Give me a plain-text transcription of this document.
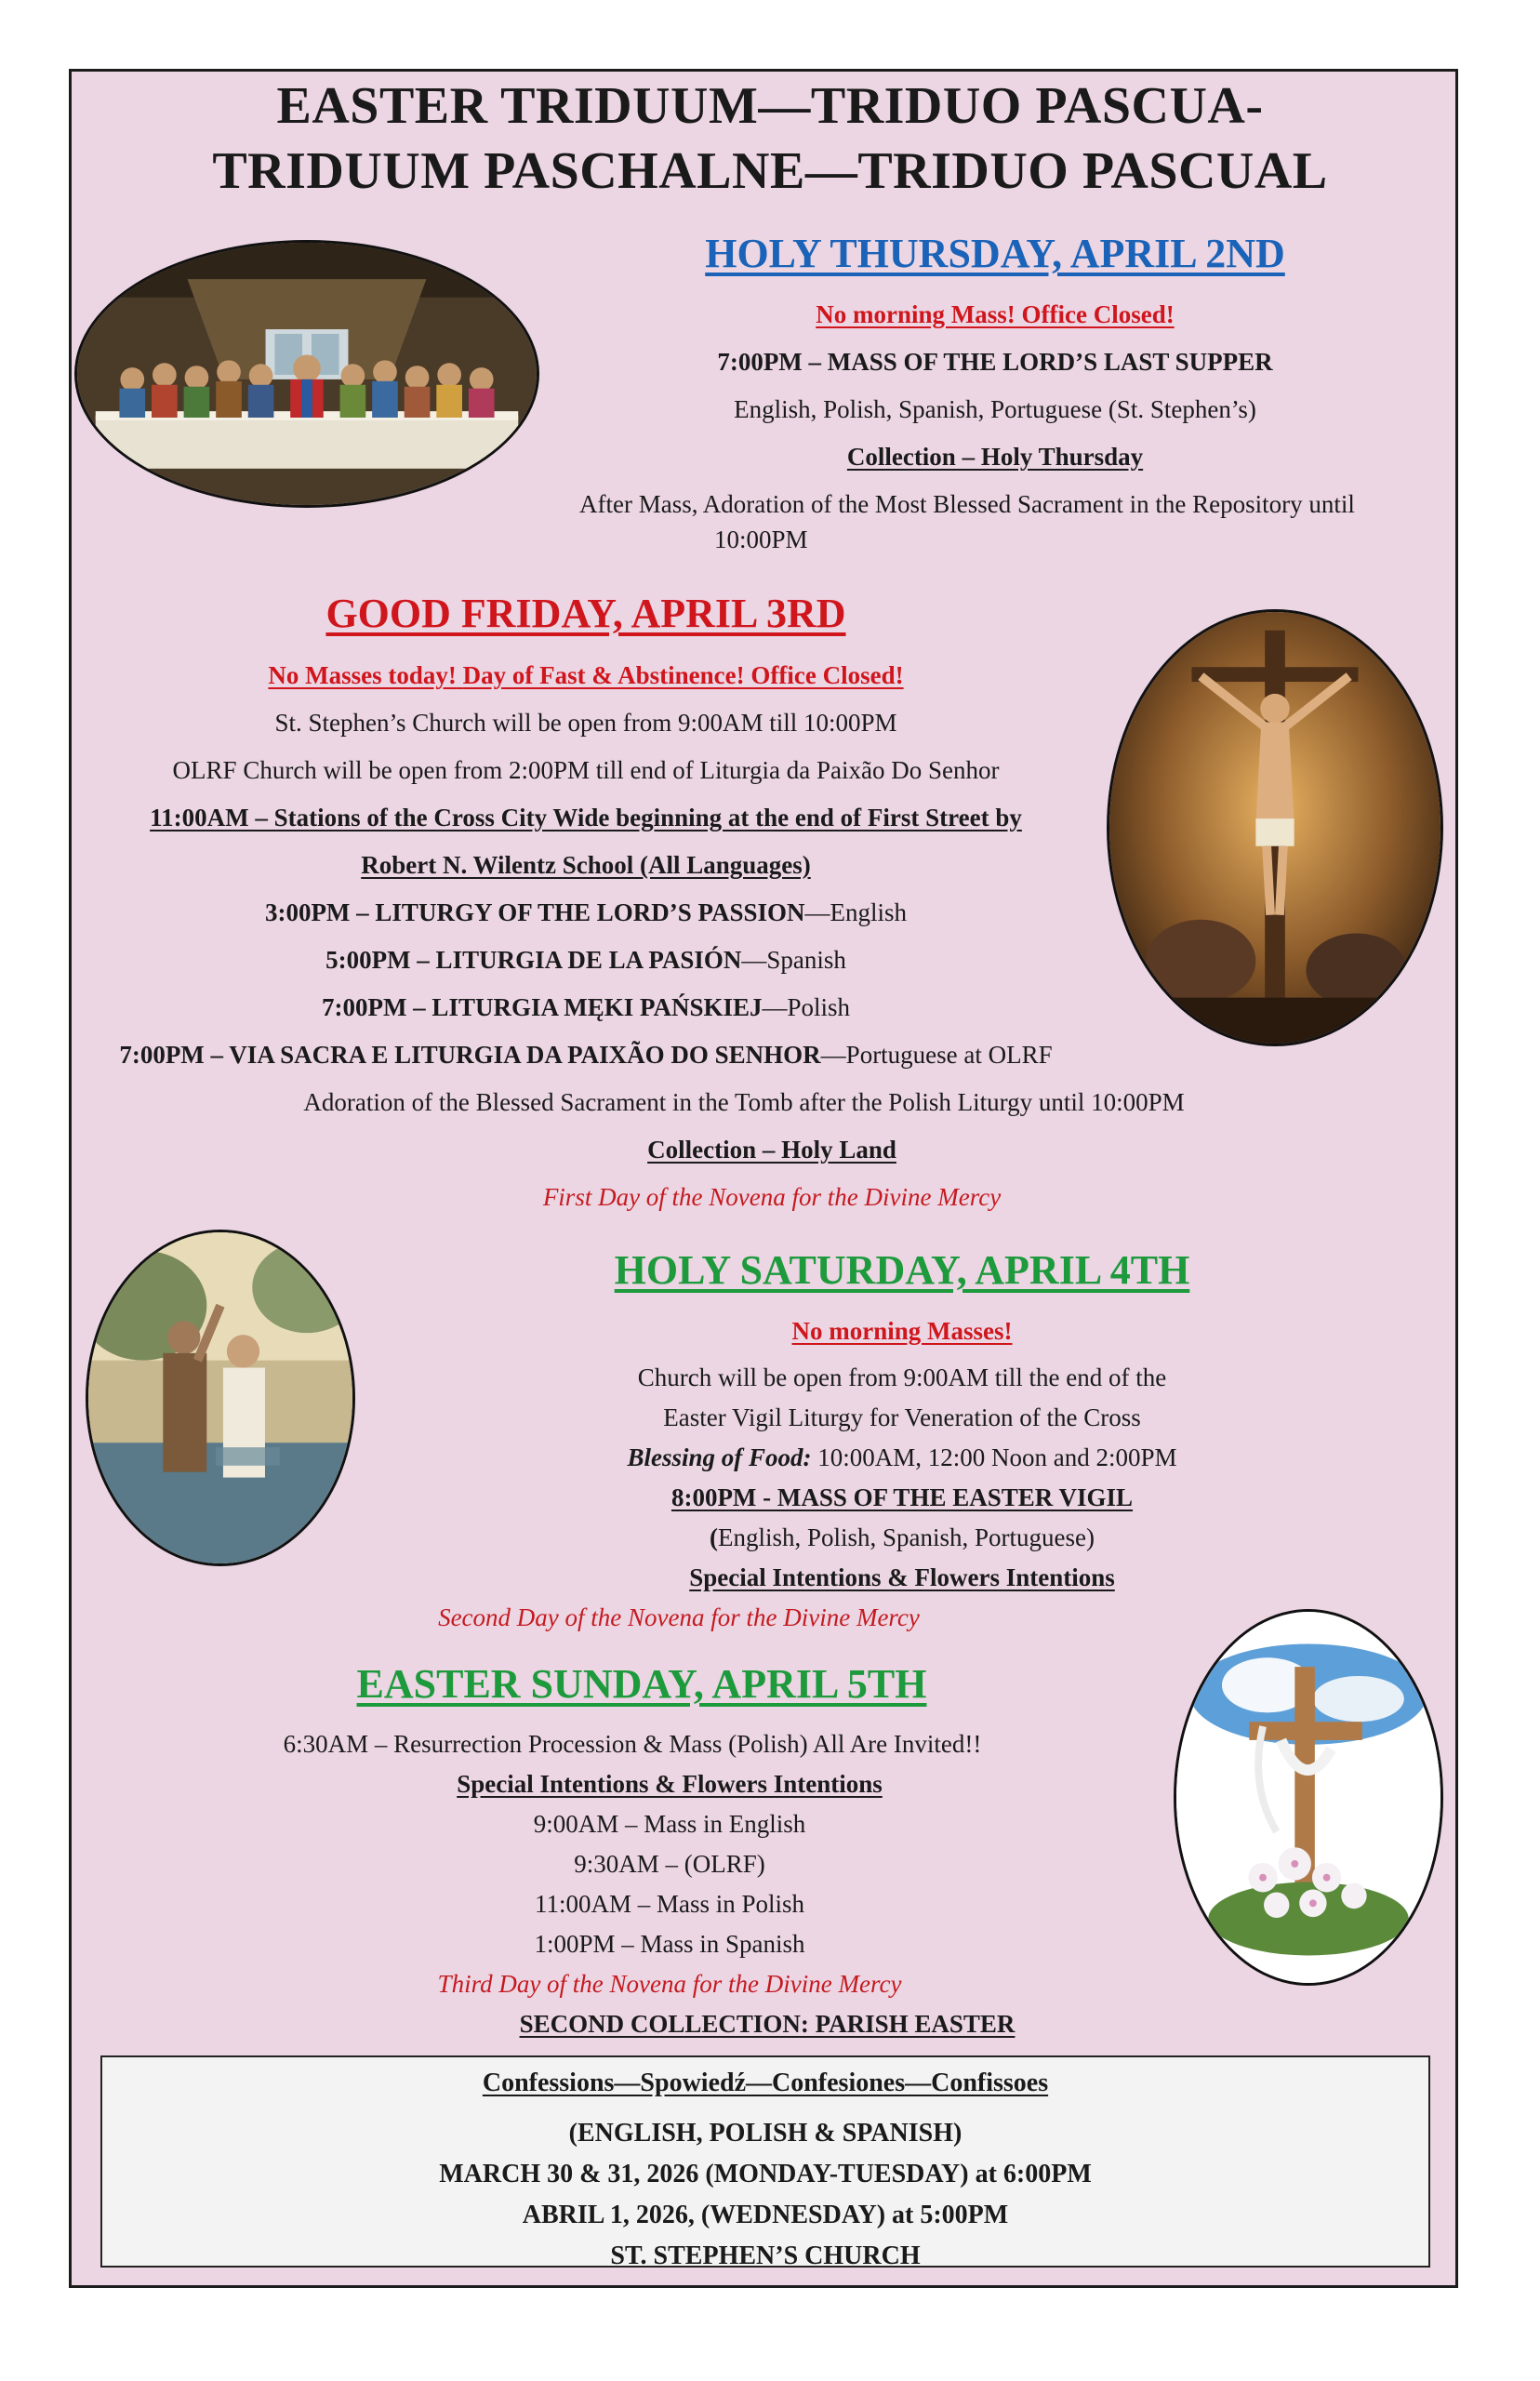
EASTER TRIDUUM—TRIDUO PASCUA-
TRIDUUM PASCHALNE—TRIDUO PASCUAL
HOLY THURSDAY, APRIL 2ND
No morning Mass! Office Closed!
7:00PM – MASS OF THE LORD’S LAST SUPPER
English, Polish, Spanish, Portuguese (St. Stephen’s)
Collection – Holy Thursday
After Mass, Adoration of the Most Blessed Sacrament in the Repository until
10:00PM
GOOD FRIDAY, APRIL 3RD
No Masses today! Day of Fast & Abstinence! Office Closed!
St. Stephen’s Church will be open from 9:00AM till 10:00PM
OLRF Church will be open from 2:00PM till end of Liturgia da Paixão Do Senhor
11:00AM – Stations of the Cross City Wide beginning at the end of First Street by
Robert N. Wilentz School (All Languages)
3:00PM – LITURGY OF THE LORD’S PASSION—English
5:00PM – LITURGIA DE LA PASIÓN—Spanish
7:00PM – LITURGIA MĘKI PAŃSKIEJ—Polish
7:00PM – VIA SACRA E LITURGIA DA PAIXÃO DO SENHOR—Portuguese at OLRF
Adoration of the Blessed Sacrament in the Tomb after the Polish Liturgy until 10:00PM
Collection – Holy Land
First Day of the Novena for the Divine Mercy
HOLY SATURDAY, APRIL 4TH
No morning Masses!
Church will be open from 9:00AM till the end of the
Easter Vigil Liturgy for Veneration of the Cross
Blessing of Food: 10:00AM, 12:00 Noon and 2:00PM
8:00PM - MASS OF THE EASTER VIGIL
(English, Polish, Spanish, Portuguese)
Special Intentions & Flowers Intentions
Second Day of the Novena for the Divine Mercy
EASTER SUNDAY, APRIL 5TH
6:30AM – Resurrection Procession & Mass (Polish) All Are Invited!!
Special Intentions & Flowers Intentions
9:00AM – Mass in English
9:30AM – (OLRF)
11:00AM – Mass in Polish
1:00PM – Mass in Spanish
Third Day of the Novena for the Divine Mercy
SECOND COLLECTION: PARISH EASTER
Confessions—Spowiedź—Confesiones—Confissoes
(ENGLISH, POLISH & SPANISH)
MARCH 30 & 31, 2026 (MONDAY-TUESDAY) at 6:00PM
ABRIL 1, 2026, (WEDNESDAY) at 5:00PM
ST. STEPHEN’S CHURCH
